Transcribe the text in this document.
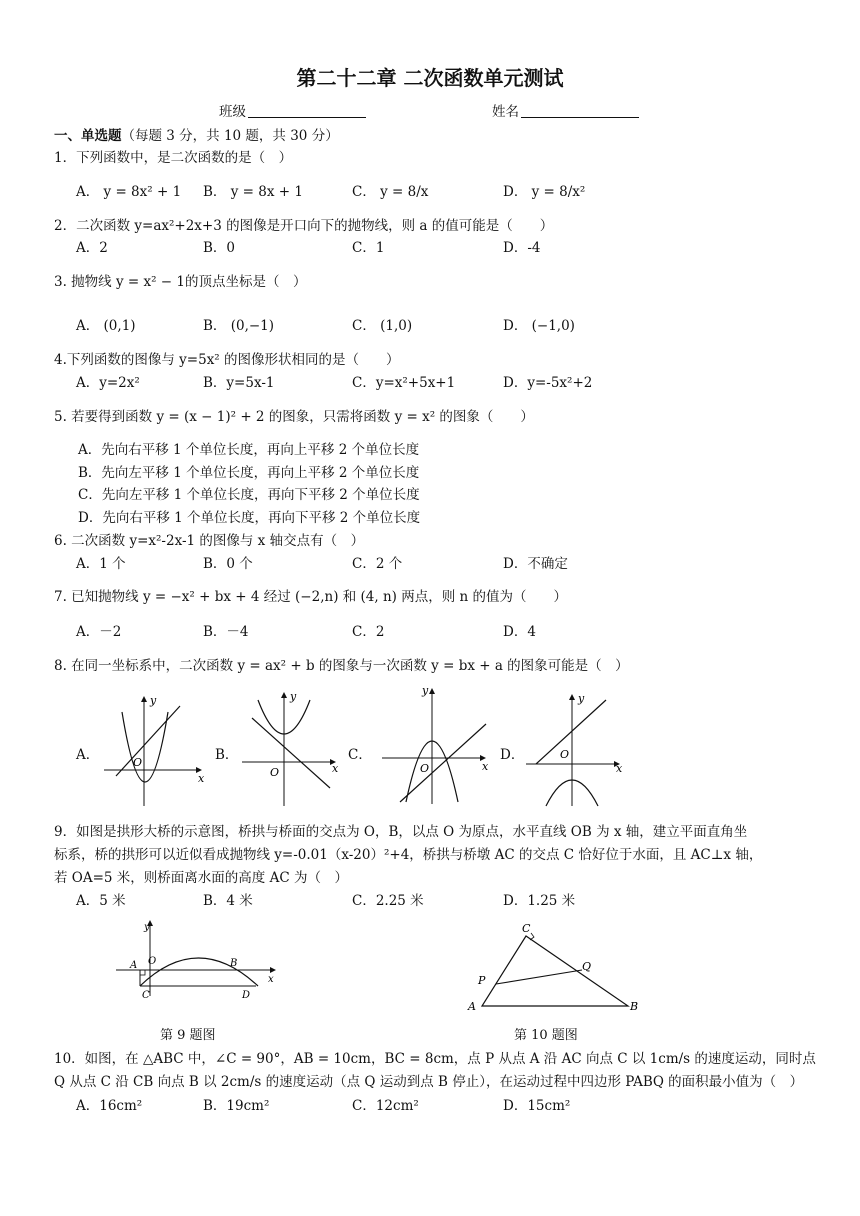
第二十二章 二次函数单元测试
班级	姓名
一、单选题（每题 3 分，共 10 题，共 30 分）
1．下列函数中，是二次函数的是（　）
A． y = 8x² + 1 B． y = 8x + 1	C． y = 8/x	D． y = 8/x²
2．二次函数 y=ax²+2x+3 的图像是开口向下的抛物线，则 a 的值可能是（　　）
A．2	B．0	C．1	D．-4
3. 抛物线 y = x² − 1的顶点坐标是（　）
A． (0,1)	B． (0,−1)	C． (1,0)	D． (−1,0)
4.下列函数的图像与 y=5x² 的图像形状相同的是（　　）
A．y=2x²	B．y=5x-1	C．y=x²+5x+1	D．y=-5x²+2
5. 若要得到函数 y = (x − 1)² + 2 的图象，只需将函数 y = x² 的图象（　　）
A．先向右平移 1 个单位长度，再向上平移 2 个单位长度
B．先向左平移 1 个单位长度，再向上平移 2 个单位长度
C．先向左平移 1 个单位长度，再向下平移 2 个单位长度
D．先向右平移 1 个单位长度，再向下平移 2 个单位长度
6. 二次函数 y=x²-2x-1 的图像与 x 轴交点有（　）
A．1 个	B．0 个	C．2 个	D．不确定
7. 已知抛物线 y = −x² + bx + 4 经过 (−2,n) 和 (4, n) 两点，则 n 的值为（　　）
A．－2	B．－4	C．2	D．4
8. 在同一坐标系中，二次函数 y = ax² + b 的图象与一次函数 y = bx + a 的图象可能是（　）
A．	B．	C．	D．
x
y
O	x
y
O	x
y
O	x
y
O
9．如图是拱形大桥的示意图，桥拱与桥面的交点为 O，B，以点 O 为原点，水平直线 OB 为 x 轴，建立平面直角坐
标系，桥的拱形可以近似看成抛物线 y=-0.01（x-20）²+4，桥拱与桥墩 AC 的交点 C 恰好位于水面，且 AC⊥x 轴，
若 OA=5 米，则桥面离水面的高度 AC 为（　）
A．5 米	B．4 米	C．2.25 米	D．1.25 米
y
O
A	B
C	D
x
第 9 题图
C
Q
P
A	B
第 10 题图
10．如图，在 △ABC 中，∠C = 90°，AB = 10cm，BC = 8cm，点 P 从点 A 沿 AC 向点 C 以 1cm/s 的速度运动，同时点
Q 从点 C 沿 CB 向点 B 以 2cm/s 的速度运动（点 Q 运动到点 B 停止），在运动过程中四边形 PABQ 的面积最小值为（　）
A．16cm²	B．19cm²	C．12cm²	D．15cm²
